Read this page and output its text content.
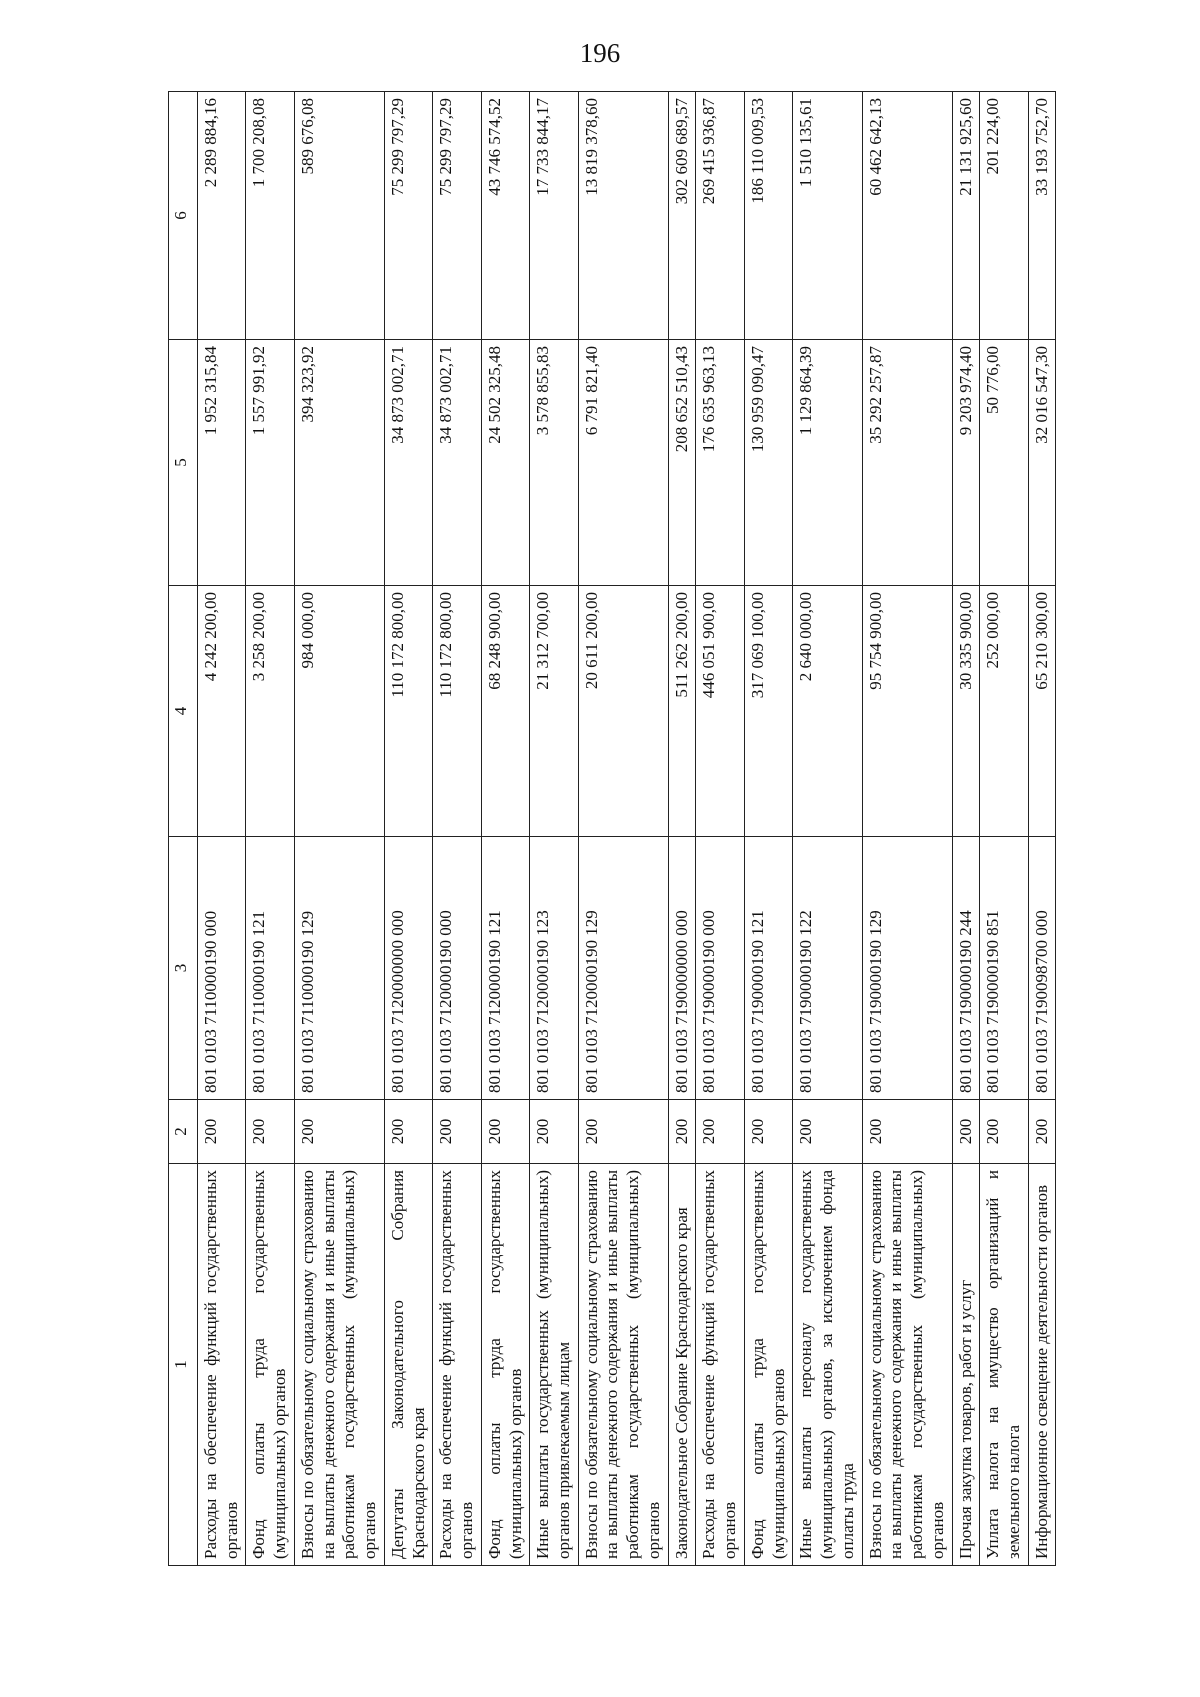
196
1	2	3	4	5	6
Расходы на обеспечение функций государственных органов	200	801 0103 7110000190 000	4 242 200,00	1 952 315,84	2 289 884,16
Фонд оплаты труда государственных (муниципальных) органов	200	801 0103 7110000190 121	3 258 200,00	1 557 991,92	1 700 208,08
Взносы по обязательному социальному страхованию на выплаты денежного содержания и иные выплаты работникам государственных (муниципальных) органов	200	801 0103 7110000190 129	984 000,00	394 323,92	589 676,08
Депутаты Законодательного Собрания Краснодарского края	200	801 0103 7120000000 000	110 172 800,00	34 873 002,71	75 299 797,29
Расходы на обеспечение функций государственных органов	200	801 0103 7120000190 000	110 172 800,00	34 873 002,71	75 299 797,29
Фонд оплаты труда государственных (муниципальных) органов	200	801 0103 7120000190 121	68 248 900,00	24 502 325,48	43 746 574,52
Иные выплаты государственных (муниципальных) органов привлекаемым лицам	200	801 0103 7120000190 123	21 312 700,00	3 578 855,83	17 733 844,17
Взносы по обязательному социальному страхованию на выплаты денежного содержания и иные выплаты работникам государственных (муниципальных) органов	200	801 0103 7120000190 129	20 611 200,00	6 791 821,40	13 819 378,60
Законодательное Собрание Краснодарского края	200	801 0103 7190000000 000	511 262 200,00	208 652 510,43	302 609 689,57
Расходы на обеспечение функций государственных органов	200	801 0103 7190000190 000	446 051 900,00	176 635 963,13	269 415 936,87
Фонд оплаты труда государственных (муниципальных) органов	200	801 0103 7190000190 121	317 069 100,00	130 959 090,47	186 110 009,53
Иные выплаты персоналу государственных (муниципальных) органов, за исключением фонда оплаты труда	200	801 0103 7190000190 122	2 640 000,00	1 129 864,39	1 510 135,61
Взносы по обязательному социальному страхованию на выплаты денежного содержания и иные выплаты работникам государственных (муниципальных) органов	200	801 0103 7190000190 129	95 754 900,00	35 292 257,87	60 462 642,13
Прочая закупка товаров, работ и услуг	200	801 0103 7190000190 244	30 335 900,00	9 203 974,40	21 131 925,60
Уплата налога на имущество организаций и земельного налога	200	801 0103 7190000190 851	252 000,00	50 776,00	201 224,00
Информационное освещение деятельности органов	200	801 0103 7190098700 000	65 210 300,00	32 016 547,30	33 193 752,70
